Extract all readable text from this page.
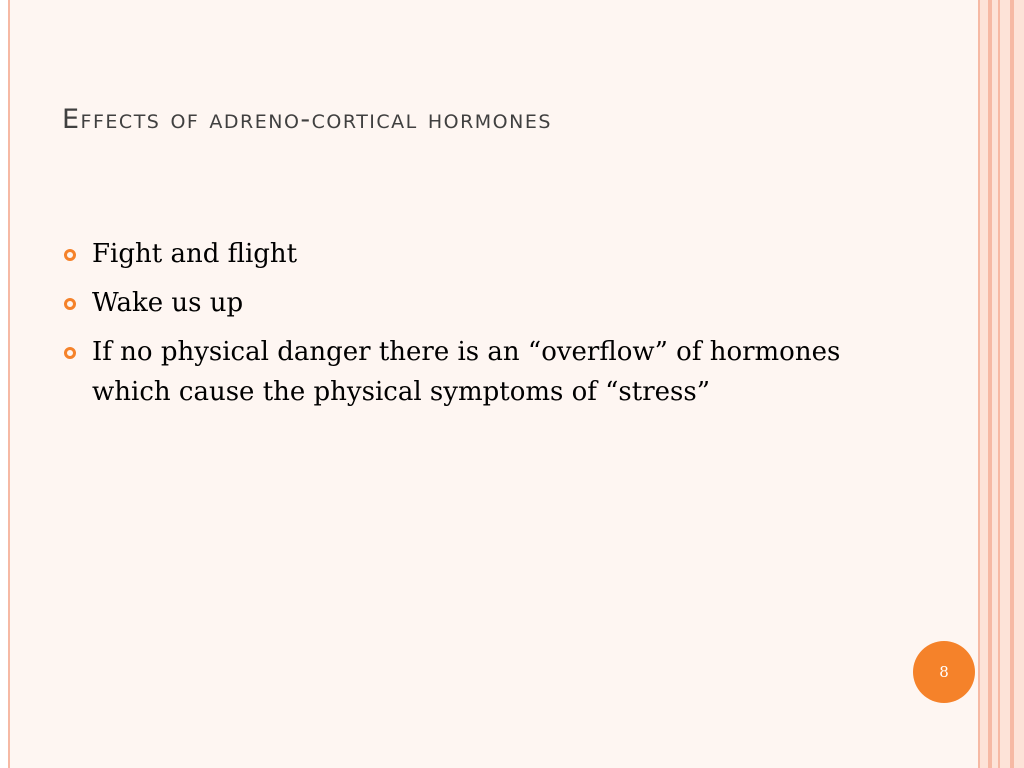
Effects of adreno-cortical hormones
Fight and flight
Wake us up
If no physical danger there is an “overflow” of hormones which cause the physical symptoms of “stress”
8
